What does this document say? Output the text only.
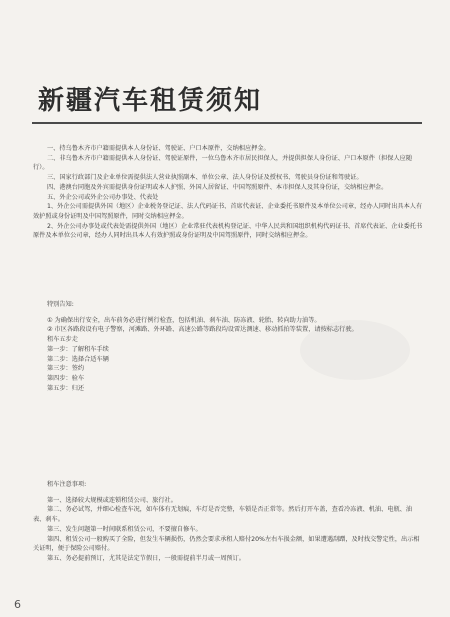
新疆汽车租赁须知

一、持乌鲁木齐市户籍需提供本人身份证、驾驶证、户口本原件，交纳相应押金。

二、非乌鲁木齐市户籍需提供本人身份证、驾驶证原件，一位乌鲁木齐市居民担保人，并提供担保人身份证、户口本原件（担保人应随行）。

三、国家行政部门及企业单位需提供法人营业执照副本、单位公章、法人身份证及授权书、驾驶员身份证和驾驶证。

四、港澳台同胞及外宾需提供身份证明或本人护照、外国人居留证、中国驾照原件、本市担保人及其身份证，交纳相应押金。

五、外企公司或外企公司办事处、代表处

1、外企公司需提供外国（地区）企业税务登记证、法人代码证书、首席代表证、企业委托书原件及本单位公司章，经办人同时出具本人有效护照或身份证明及中国驾照原件，同时交纳相应押金。

2、外企公司办事处或代表处需提供外国（地区）企业常驻代表机构登记证、中华人民共和国组织机构代码证书、首席代表证、企业委托书原件及本单位公司章，经办人同时出具本人有效护照或身份证明及中国驾照原件，同时交纳相应押金。

特别告知:

① 为确保出行安全，出车前务必进行例行检查，包括机油、刹车油、防冻液、轮胎、转向助力油等。

② 市区各路段设有电子警察，河滩路、外环路、高速公路等路段均设雷达测速、移动抓拍等装置，请按标志行驶。

租车五步走

第一步：了解租车手续

第二步：选择合适车辆

第三步：签约

第四步：验车

第五步：归还

租车注意事项:

第一、选择较大规模或连锁租赁公司、旅行社。

第二、务必试驾，并细心检查车况，如车体有无划痕，车灯是否完整，车锁是否正常等。然后打开车盖，查看冷冻液、机油、电瓶、油表、刹车。

第三、发生问题第一时间联系租赁公司，不要擅自修车。

第四、租赁公司一般购买了全险，但发生车辆损伤，仍然会要求承租人赔付20%左右车损金额，如果遭遇刮蹭，及时找交警定性，出示相关证明，便于保险公司赔付。

第五、务必提前预订，尤其是法定节假日，一般需提前半月或一周预订。

6
